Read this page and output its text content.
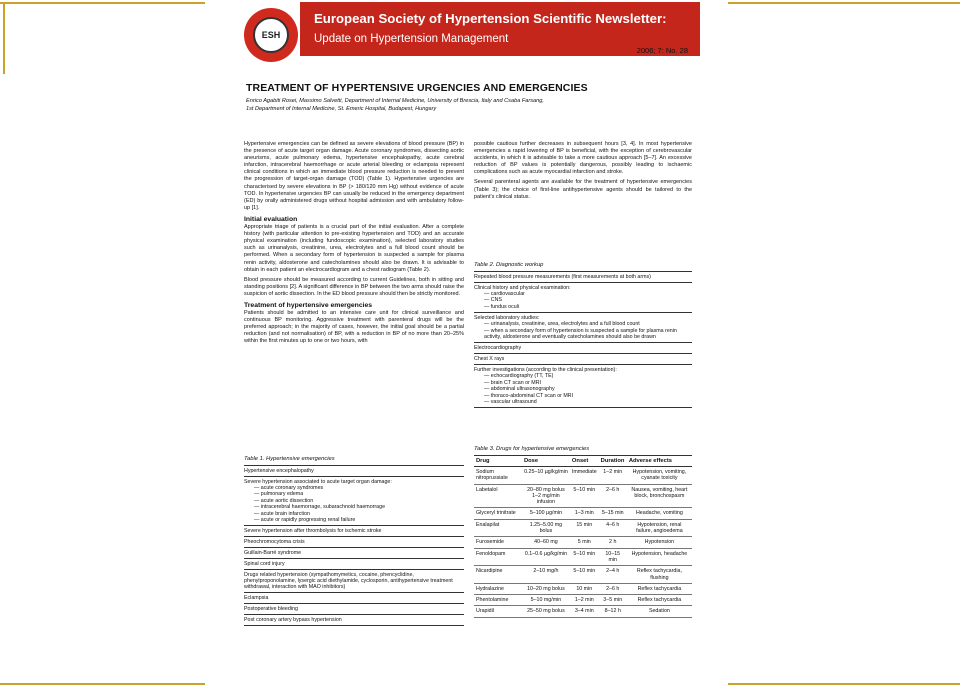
European Society of Hypertension Scientific Newsletter:
Update on Hypertension Management
ESH
2006; 7: No. 28
TREATMENT OF HYPERTENSIVE URGENCIES AND EMERGENCIES
Enrico Agabiti Rosei, Massimo Salvetti, Department of Internal Medicine, University of Brescia, Italy and Csaba Farsang,
1st Department of Internal Medicine, St. Emeric Hospital, Budapest, Hungary

Hypertensive emergencies can be defined as severe elevations of blood pressure (BP) in the presence of acute target organ damage. Acute coronary syndromes, dissecting aortic aneurisms, acute pulmonary edema, hypertensive encephalopathy, acute cerebral infarction, intracerebral haemorrhage or acute arterial bleeding or eclampsia represent clinical conditions in which an immediate blood pressure reduction is needed to prevent the progression of target-organ damage (TOD) (Table 1). Hypertensive urgencies are characterised by severe elevations in BP (> 180/120 mm Hg) without evidence of acute TOD. In hypertensive urgencies BP can usually be reduced in the emergency department (ED) by orally administered drugs without hospital admission and with ambulatory follow-up [1].

Initial evaluation

Appropriate triage of patients is a crucial part of the initial evaluation. After a complete history (with particular attention to pre-existing hypertension and TOD) and an accurate physical examination (including fundoscopic examination), selected laboratory studies such as urinanalysis, creatinine, urea, electrolytes and a full blood count should be performed. When a secondary form of hypertension is suspected a sample for plasma renin activity, aldosterone and catecholamines should also be drawn. It is advisable to obtain in each patient an electrocardiogram and a chest radiogram (Table 2).

Blood pressure should be measured according to current Guidelines, both in sitting and standing positions [2]. A significant difference in BP between the two arms should raise the suspicion of aortic dissection. In the ED blood pressure should then be strictly monitored.

Treatment of hypertensive emergencies

Patients should be admitted to an intensive care unit for clinical surveillance and continuous BP monitoring. Aggressive treatment with parenteral drugs will be the preferred approach; in the majority of cases, however, the initial goal should be a partial reduction (and not normalisation) of BP, with a reduction in BP of no more than 20–25% within the first minutes up to one or two hours, with

possible cautious further decreases in subsequent hours [3, 4]. In most hypertensive emergencies a rapid lowering of BP is beneficial, with the exception of cerebrovascular accidents, in which it is advisable to take a more cautious approach [5–7]. An excessive reduction of BP values is potentially dangerous, possibly leading to ischaemic complications such as acute myocardial infarction and stroke.

Several parenteral agents are available for the treatment of hypertensive emergencies (Table 3); the choice of first-line antihypertensive agents should be tailored to the patient's clinical status.

Table 1. Hypertensive emergencies
Hypertensive encephalopathy
Severe hypertension associated to acute target organ damage:
— acute coronary syndromes
— pulmonary edema
— acute aortic dissection
— intracerebral haemorrage, subarachnoid haemorrage
— acute brain infarction
— acute or rapidly progressing renal failure
Severe hypertension after thrombolysis for ischemic stroke
Pheochromocytoma crisis
Guillain-Barré syndrome
Spinal cord injury
Drugs related hypertension (sympathomymetics, cocaine, phencyclidine, phenylproponolamine, lysergic acid diethylamide, cyclosporin, antihypertensive treatment withdrawal, interaction with MAO inhibitors)
Eclampsia
Postoperative bleeding
Post coronary artery bypass hypertension
Table 2. Diagnostic workup
Repeated blood pressure measurements (first measurements at both arms)
Clinical history and physical examination:
— cardiovascular
— CNS
— fundus oculi
Selected laboratory studies:
— urinanalysis, creatinine, urea, electrolytes and a full blood count
— when a secondary form of hypertension is suspected a sample for plasma renin activity, aldosterone and eventually catecholamines should also be drawn
Electrocardiography
Chest X rays
Further investigations (according to the clinical presentation):
— echocardiography (TT, TE)
— brain CT scan or MRI
— abdominal ultrasonography
— thoraco-abdominal CT scan or MRI
— vascular ultrasound
Table 3. Drugs for hypertensive emergencies
Drug	Dose	Onset	Duration	Adverse effects
Sodium nitroprussiate	0.25–10 µg/kg/min	Immediate	1–2 min	Hypotension, vomiting, cyanate toxicity
Labetalol	20–80 mg bolus 1–2 mg/min infusion	5–10 min	2–6 h	Nausea, vomiting, heart block, bronchospasm
Glyceryl trinitrate	5–100 µg/min	1–3 min	5–15 min	Headache, vomiting
Enalapilat	1.25–5.00 mg bolus	15 min	4–6 h	Hypotension, renal failure, angioedema
Furosemide	40–60 mg	5 min	2 h	Hypotension
Fenoldopam	0.1–0.6 µg/kg/min	5–10 min	10–15 min	Hypotension, headache
Nicardipine	2–10 mg/h	5–10 min	2–4 h	Reflex tachycardia, flushing
Hydralazine	10–20 mg bolus	10 min	2–6 h	Reflex tachycardia
Phentolamine	5–10 mg/min	1–2 min	3–5 min	Reflex tachycardia
Urapidil	25–50 mg bolus	3–4 min	8–12 h	Sedation
